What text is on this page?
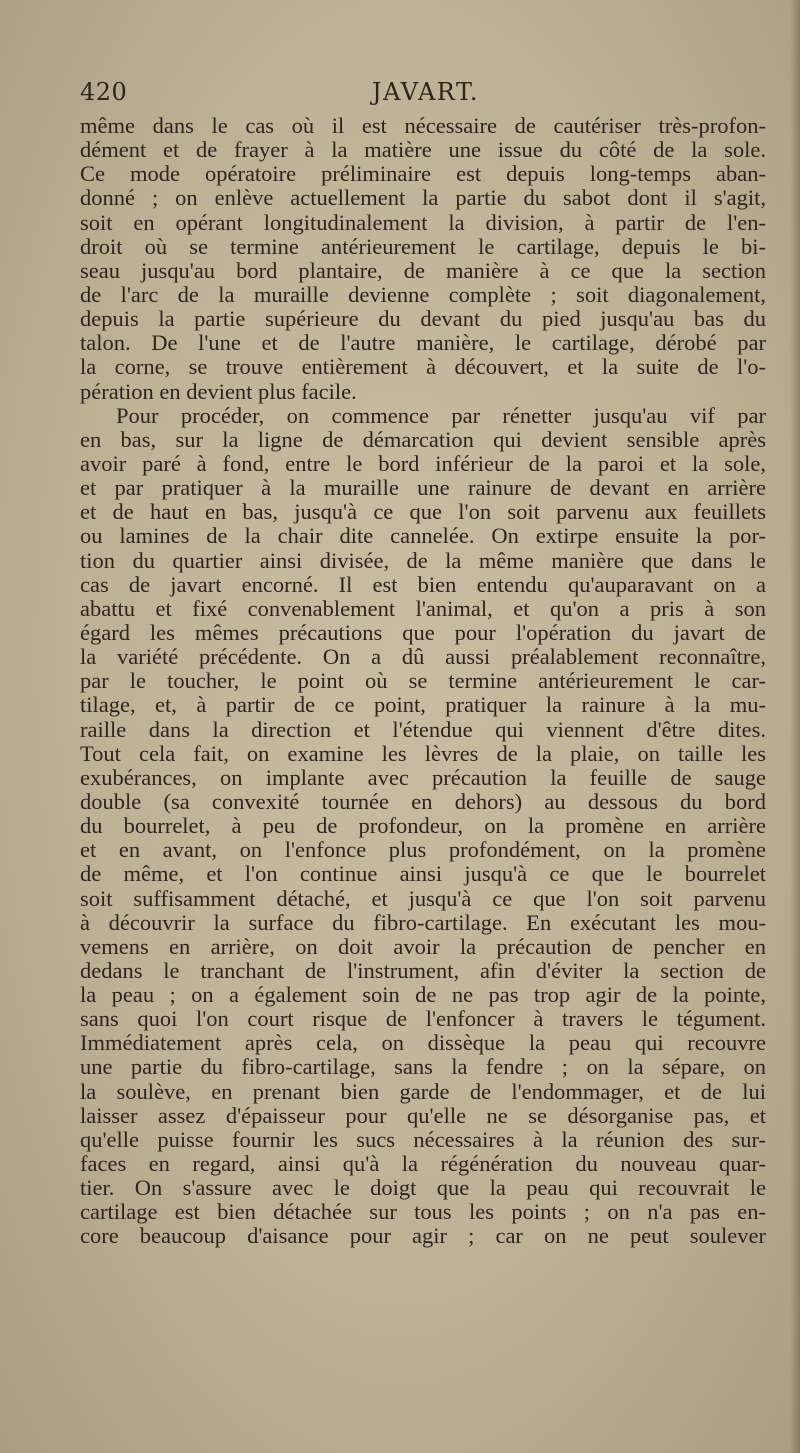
420	JAVART.
même dans le cas où il est nécessaire de cautériser très-profon-
dément et de frayer à la matière une issue du côté de la sole.
Ce mode opératoire préliminaire est depuis long-temps aban-
donné ; on enlève actuellement la partie du sabot dont il s'agit,
soit en opérant longitudinalement la division, à partir de l'en-
droit où se termine antérieurement le cartilage, depuis le bi-
seau jusqu'au bord plantaire, de manière à ce que la section
de l'arc de la muraille devienne complète ; soit diagonalement,
depuis la partie supérieure du devant du pied jusqu'au bas du
talon. De l'une et de l'autre manière, le cartilage, dérobé par
la corne, se trouve entièrement à découvert, et la suite de l'o-
pération en devient plus facile.
Pour procéder, on commence par rénetter jusqu'au vif par
en bas, sur la ligne de démarcation qui devient sensible après
avoir paré à fond, entre le bord inférieur de la paroi et la sole,
et par pratiquer à la muraille une rainure de devant en arrière
et de haut en bas, jusqu'à ce que l'on soit parvenu aux feuillets
ou lamines de la chair dite cannelée. On extirpe ensuite la por-
tion du quartier ainsi divisée, de la même manière que dans le
cas de javart encorné. Il est bien entendu qu'auparavant on a
abattu et fixé convenablement l'animal, et qu'on a pris à son
égard les mêmes précautions que pour l'opération du javart de
la variété précédente. On a dû aussi préalablement reconnaître,
par le toucher, le point où se termine antérieurement le car-
tilage, et, à partir de ce point, pratiquer la rainure à la mu-
raille dans la direction et l'étendue qui viennent d'être dites.
Tout cela fait, on examine les lèvres de la plaie, on taille les
exubérances, on implante avec précaution la feuille de sauge
double (sa convexité tournée en dehors) au dessous du bord
du bourrelet, à peu de profondeur, on la promène en arrière
et en avant, on l'enfonce plus profondément, on la promène
de même, et l'on continue ainsi jusqu'à ce que le bourrelet
soit suffisamment détaché, et jusqu'à ce que l'on soit parvenu
à découvrir la surface du fibro-cartilage. En exécutant les mou-
vemens en arrière, on doit avoir la précaution de pencher en
dedans le tranchant de l'instrument, afin d'éviter la section de
la peau ; on a également soin de ne pas trop agir de la pointe,
sans quoi l'on court risque de l'enfoncer à travers le tégument.
Immédiatement après cela, on dissèque la peau qui recouvre
une partie du fibro-cartilage, sans la fendre ; on la sépare, on
la soulève, en prenant bien garde de l'endommager, et de lui
laisser assez d'épaisseur pour qu'elle ne se désorganise pas, et
qu'elle puisse fournir les sucs nécessaires à la réunion des sur-
faces en regard, ainsi qu'à la régénération du nouveau quar-
tier. On s'assure avec le doigt que la peau qui recouvrait le
cartilage est bien détachée sur tous les points ; on n'a pas en-
core beaucoup d'aisance pour agir ; car on ne peut soulever
